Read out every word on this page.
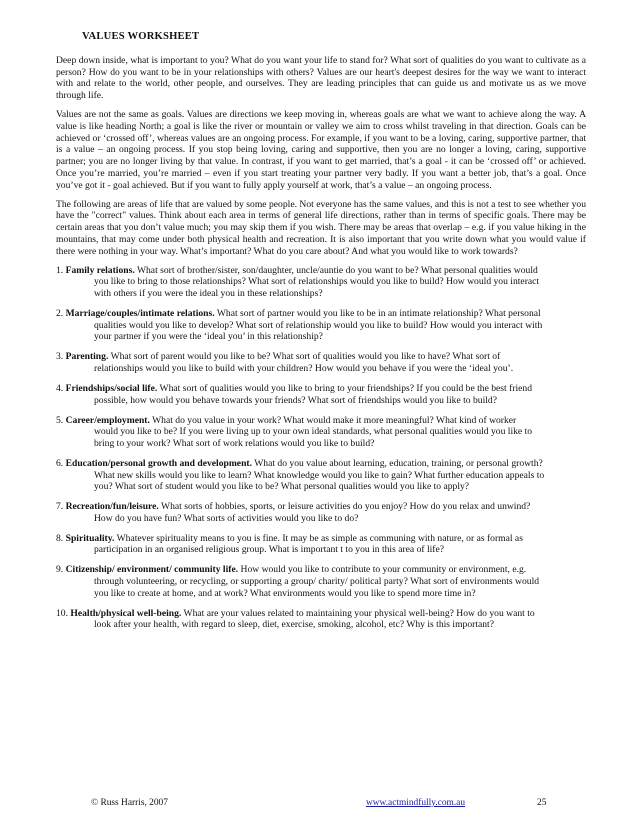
VALUES WORKSHEET

Deep down inside, what is important to you? What do you want your life to stand for? What sort of qualities do you want to cultivate as a person? How do you want to be in your relationships with others? Values are our heart's deepest desires for the way we want to interact with and relate to the world, other people, and ourselves. They are leading principles that can guide us and motivate us as we move through life.

Values are not the same as goals. Values are directions we keep moving in, whereas goals are what we want to achieve along the way. A value is like heading North; a goal is like the river or mountain or valley we aim to cross whilst traveling in that direction. Goals can be achieved or ‘crossed off’, whereas values are an ongoing process. For example, if you want to be a loving, caring, supportive partner, that is a value – an ongoing process. If you stop being loving, caring and supportive, then you are no longer a loving, caring, supportive partner; you are no longer living by that value. In contrast, if you want to get married, that’s a goal - it can be ‘crossed off’ or achieved. Once you’re married, you’re married – even if you start treating your partner very badly. If you want a better job, that’s a goal. Once you’ve got it - goal achieved. But if you want to fully apply yourself at work, that’s a value – an ongoing process.

The following are areas of life that are valued by some people. Not everyone has the same values, and this is not a test to see whether you have the "correct" values. Think about each area in terms of general life directions, rather than in terms of specific goals. There may be certain areas that you don’t value much; you may skip them if you wish. There may be areas that overlap – e.g. if you value hiking in the mountains, that may come under both physical health and recreation. It is also important that you write down what you would value if there were nothing in your way. What’s important? What do you care about? And what you would like to work towards?

1. Family relations. What sort of brother/sister, son/daughter, uncle/auntie do you want to be? What personal qualities would
you like to bring to those relationships? What sort of relationships would you like to build? How would you interact
with others if you were the ideal you in these relationships?
2. Marriage/couples/intimate relations. What sort of partner would you like to be in an intimate relationship? What personal
qualities would you like to develop? What sort of relationship would you like to build? How would you interact with
your partner if you were the ‘ideal you’ in this relationship?
3. Parenting. What sort of parent would you like to be? What sort of qualities would you like to have? What sort of
relationships would you like to build with your children? How would you behave if you were the ‘ideal you’.
4. Friendships/social life. What sort of qualities would you like to bring to your friendships? If you could be the best friend
possible, how would you behave towards your friends? What sort of friendships would you like to build?
5. Career/employment. What do you value in your work? What would make it more meaningful? What kind of worker
would you like to be? If you were living up to your own ideal standards, what personal qualities would you like to
bring to your work? What sort of work relations would you like to build?
6. Education/personal growth and development. What do you value about learning, education, training, or personal growth?
What new skills would you like to learn? What knowledge would you like to gain? What further education appeals to
you? What sort of student would you like to be? What personal qualities would you like to apply?
7. Recreation/fun/leisure. What sorts of hobbies, sports, or leisure activities do you enjoy? How do you relax and unwind?
How do you have fun? What sorts of activities would you like to do?
8. Spirituality. Whatever spirituality means to you is fine. It may be as simple as communing with nature, or as formal as
participation in an organised religious group. What is important t to you in this area of life?
9. Citizenship/ environment/ community life. How would you like to contribute to your community or environment, e.g.
through volunteering, or recycling, or supporting a group/ charity/ political party? What sort of environments would
you like to create at home, and at work? What environments would you like to spend more time in?
10. Health/physical well-being. What are your values related to maintaining your physical well-being? How do you want to
look after your health, with regard to sleep, diet, exercise, smoking, alcohol, etc? Why is this important?
© Russ Harris, 2007	www.actmindfully.com.au	25
